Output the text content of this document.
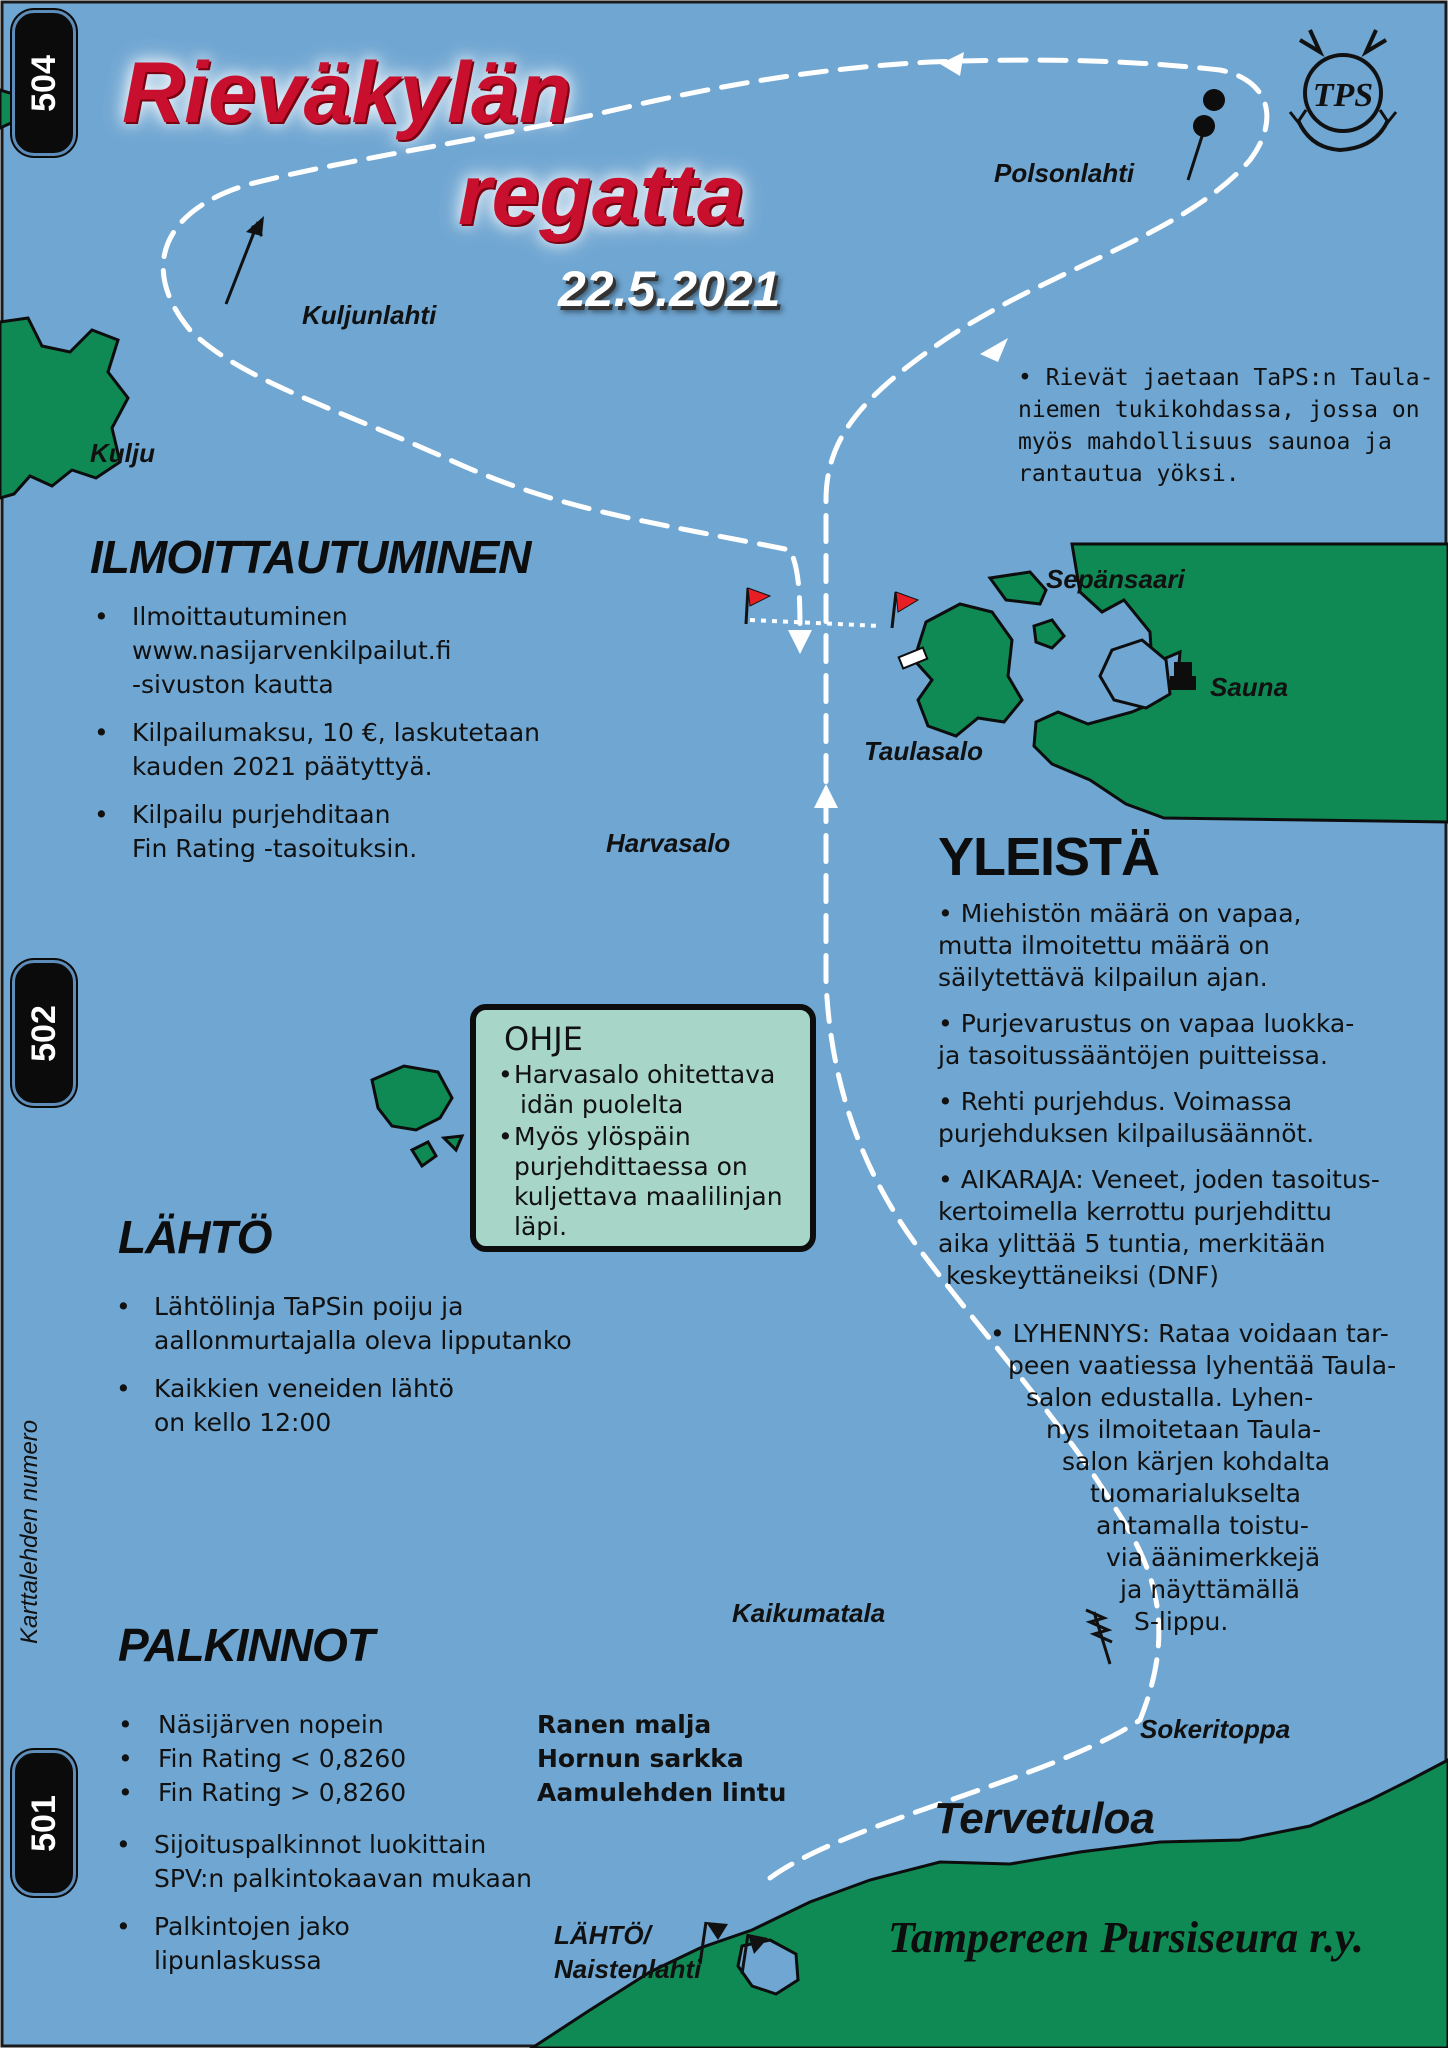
TPS
504
502
501
Karttalehden numero
Rieväkylän
regatta
22.5.2021
Kulju
Kuljunlahti
Polsonlahti
Sepänsaari
Sauna
Taulasalo
Harvasalo
Kaikumatala
Sokeritoppa
Tervetuloa
LÄHTÖ/
Naistenlahti
• Rievät jaetaan TaPS:n Taula-
niemen tukikohdassa, jossa on
myös mahdollisuus saunoa ja
rantautua yöksi.
ILMOITTAUTUMINEN
• Ilmoittautuminen
www.nasijarvenkilpailut.fi
-sivuston kautta
• Kilpailumaksu, 10 €, laskutetaan
kauden 2021 päätyttyä.
• Kilpailu purjehditaan
Fin Rating -tasoituksin.
OHJE
• Harvasalo ohitettava
idän puolelta
• Myös ylöspäin
purjehdittaessa on
kuljettava maalilinjan
läpi.
LÄHTÖ
• Lähtölinja TaPSin poiju ja
aallonmurtajalla oleva lipputanko
• Kaikkien veneiden lähtö
on kello 12:00
YLEISTÄ
• Miehistön määrä on vapaa,
mutta ilmoitettu määrä on
säilytettävä kilpailun ajan.
• Purjevarustus on vapaa luokka-
ja tasoitussääntöjen puitteissa.
• Rehti purjehdus. Voimassa
purjehduksen kilpailusäännöt.
• AIKARAJA: Veneet, joden tasoitus-
kertoimella kerrottu purjehdittu
aika ylittää 5 tuntia, merkitään
keskeyttäneiksi (DNF)
• LYHENNYS: Rataa voidaan tar-
peen vaatiessa lyhentää Taula-
salon edustalla. Lyhen-
nys ilmoitetaan Taula-
salon kärjen kohdalta
tuomarialukselta
antamalla toistu-
via äänimerkkejä
ja näyttämällä
S-lippu.
PALKINNOT
• Näsijärven nopein	Ranen malja
• Fin Rating < 0,8260	Hornun sarkka
• Fin Rating > 0,8260	Aamulehden lintu
• Sijoituspalkinnot luokittain
SPV:n palkintokaavan mukaan
• Palkintojen jako
lipunlaskussa	Tampereen Pursiseura r.y.
